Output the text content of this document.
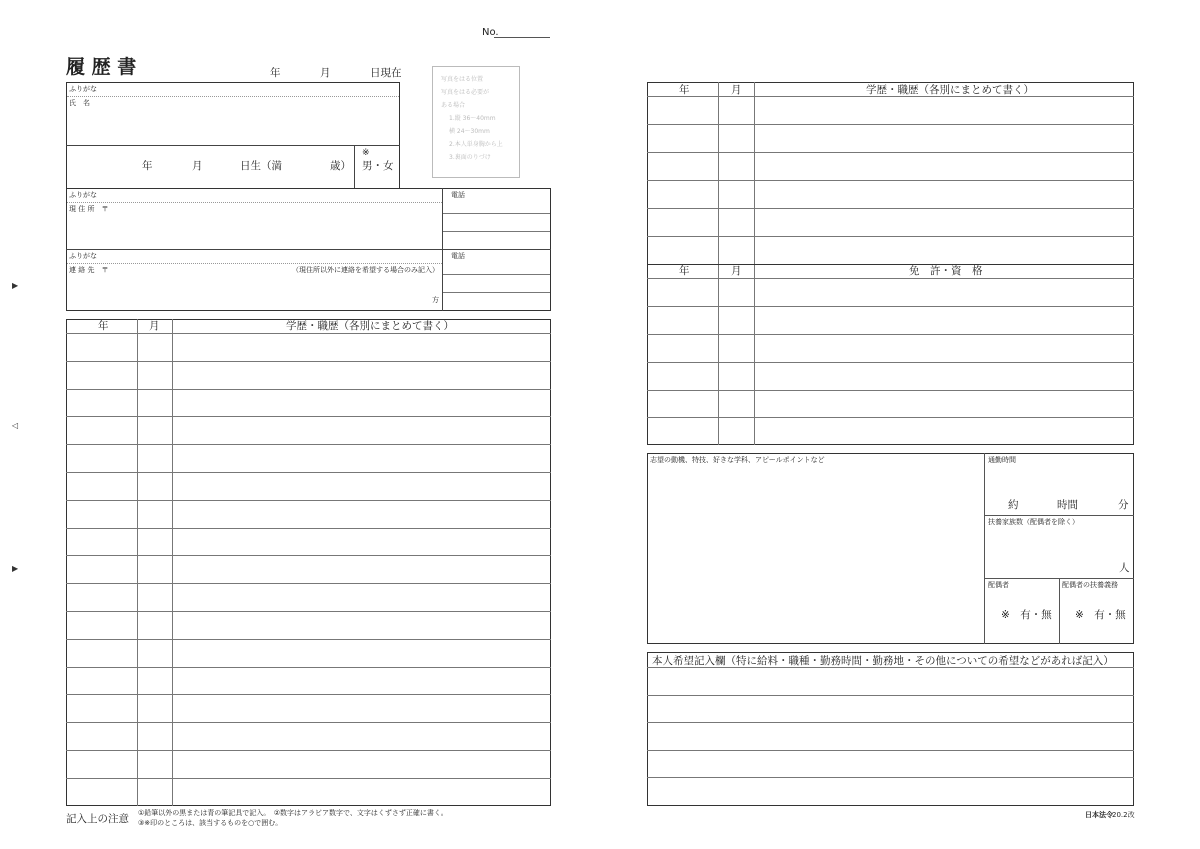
▶
◁
▶
No.
履 歴 書	年	月	日現在
写真をはる位置
写真をはる必要が
ある場合
1.縦 36～40mm
横 24～30mm
2.本人単身胸から上
3.裏面のりづけ
ふりがな
氏　名
年	月	日生（満	歳）
※
男・女
ふりがな
現 住 所　〒
電話
ふりがな
連 絡 先　〒	（現住所以外に連絡を希望する場合のみ記入）
方
電話
年	月	学歴・職歴（各別にまとめて書く）
記入上の注意 ①鉛筆以外の黒または青の筆記具で記入。　②数字はアラビア数字で、文字はくずさず正確に書く。
③※印のところは、該当するものを○で囲む。
年	月	学歴・職歴（各別にまとめて書く）
年	月	免　許・資　格
志望の動機、特技、好きな学科、アピールポイントなど	通勤時間
約	時間	分
扶養家族数（配偶者を除く）
人
配偶者
※　有・無
配偶者の扶養義務
※　有・無
本人希望記入欄（特に給料・職種・勤務時間・勤務地・その他についての希望などがあれば記入）
日本法令 20.2改
